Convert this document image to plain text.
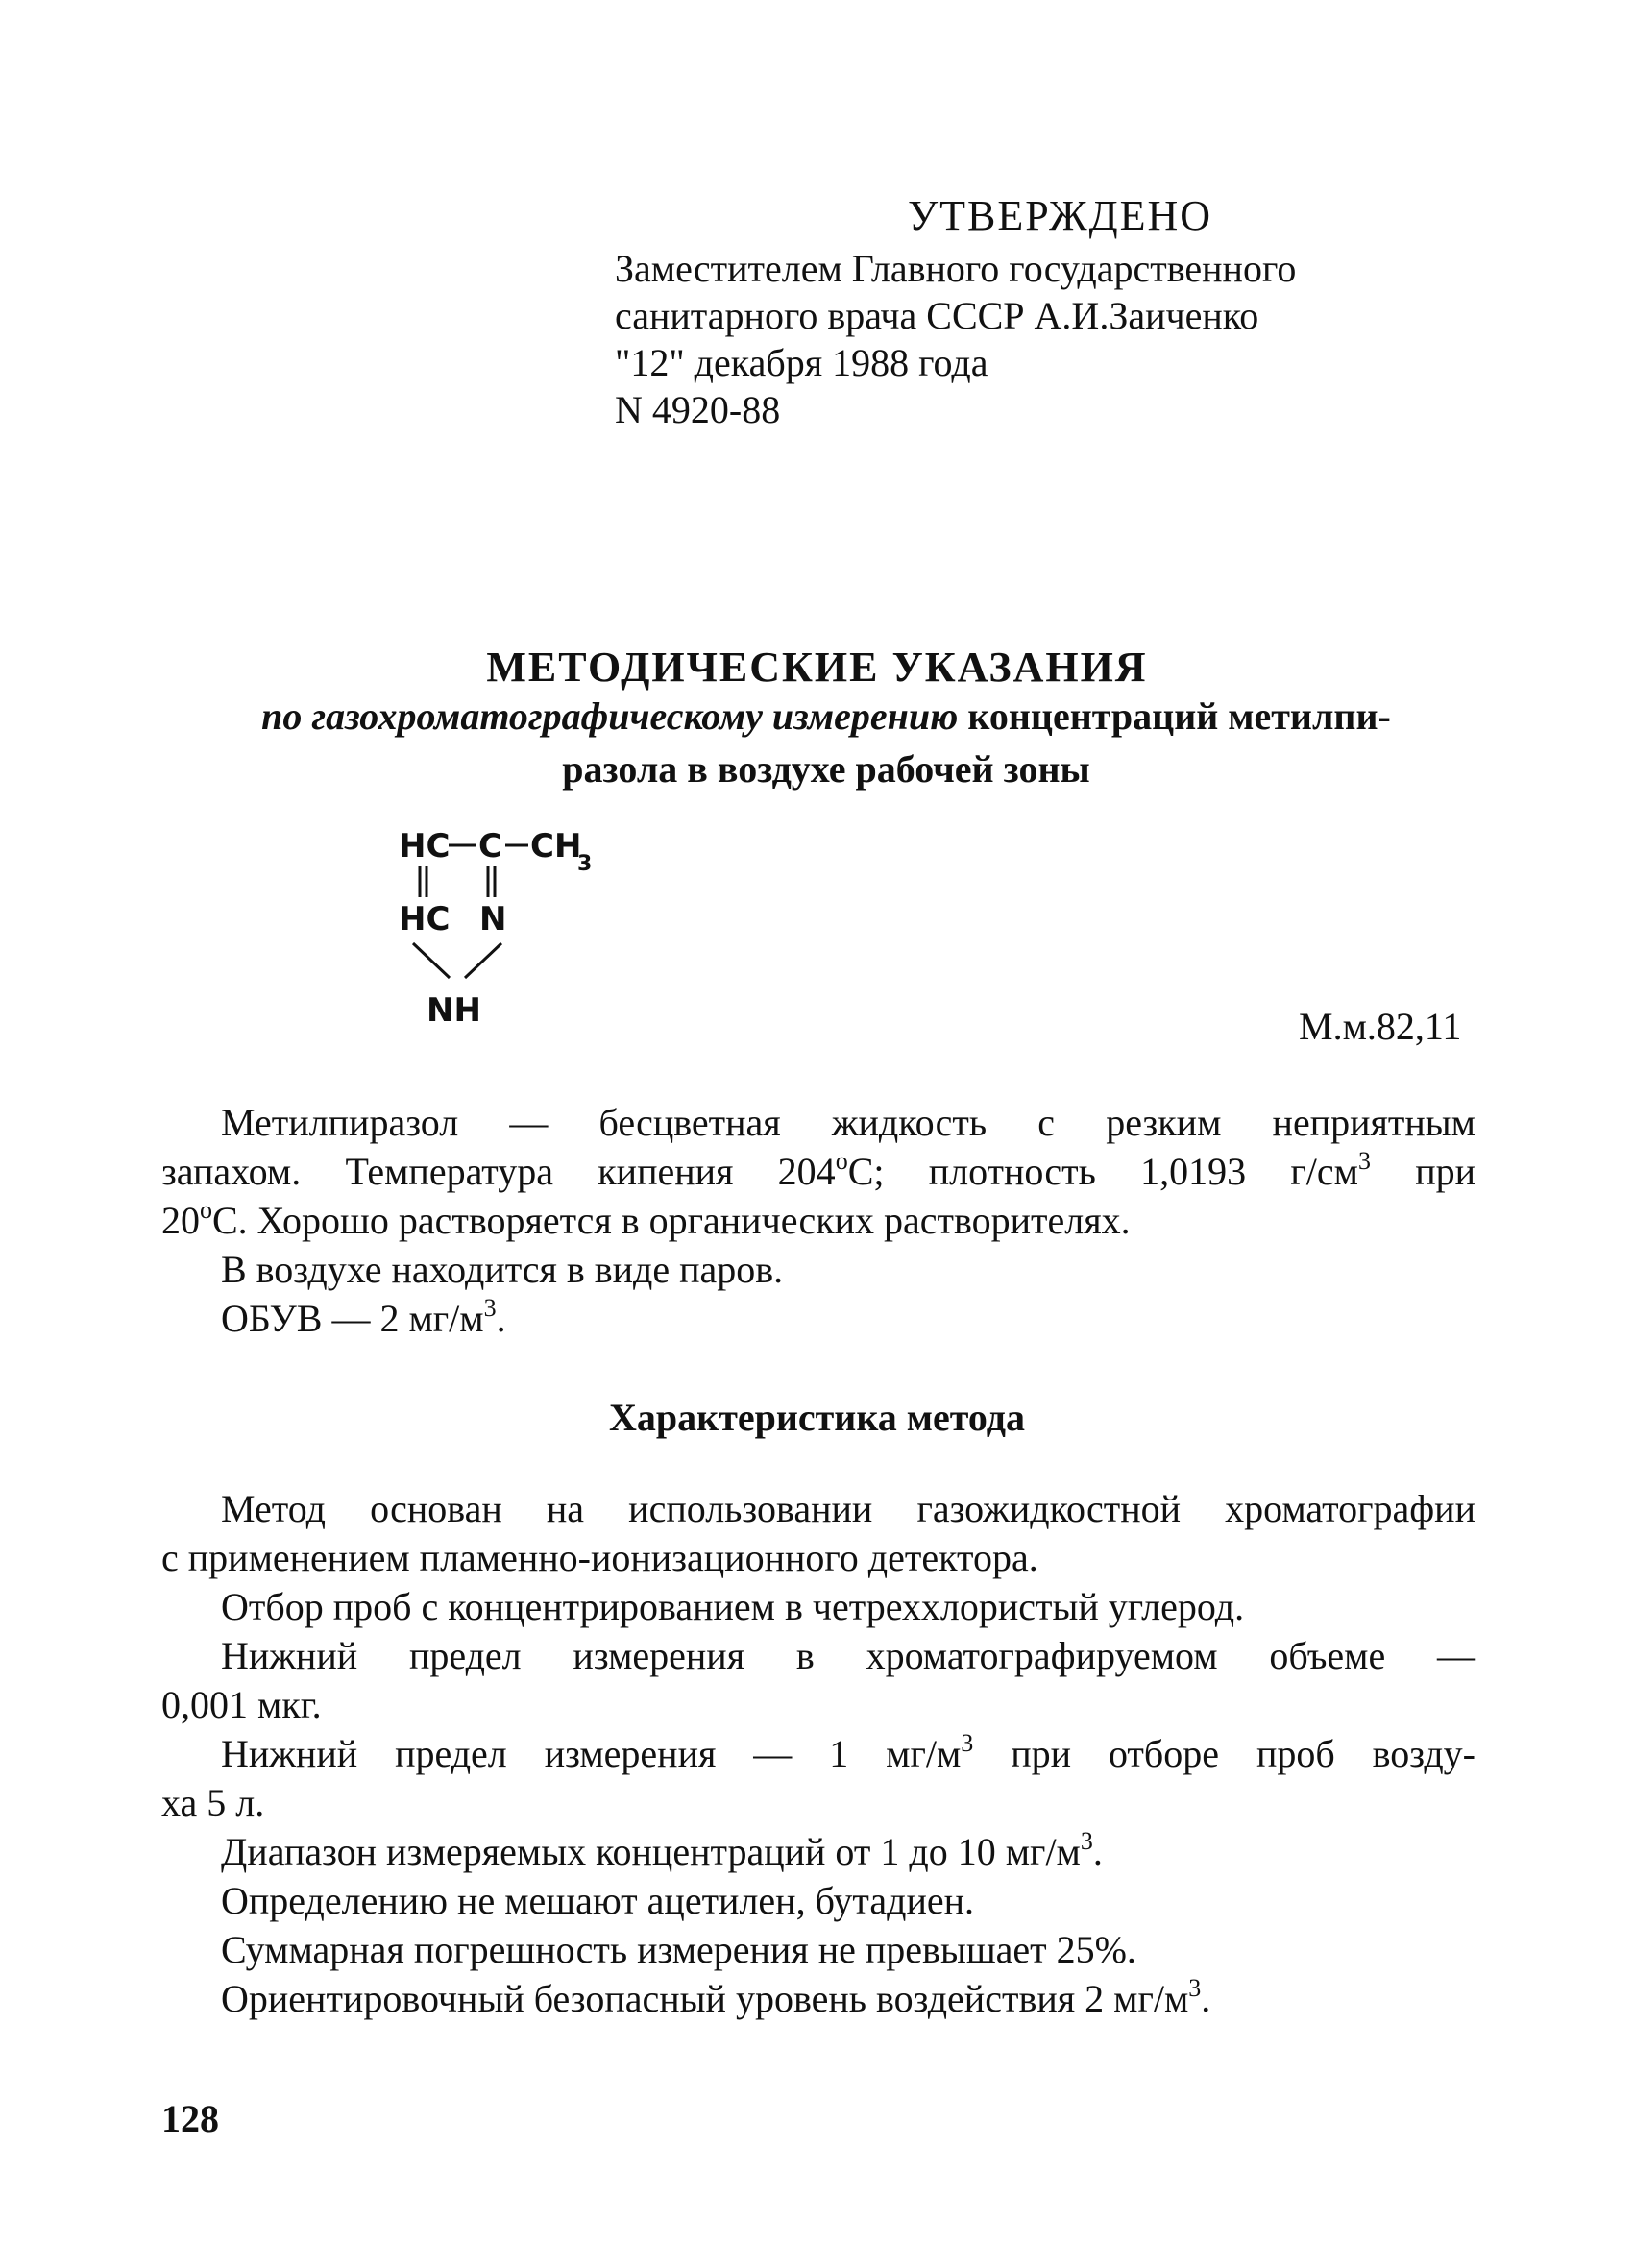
УТВЕРЖДЕНО
Заместителем Главного государственного
санитарного врача СССР А.И.Заиченко
"12" декабря 1988 года
N 4920-88
МЕТОДИЧЕСКИЕ УКАЗАНИЯ
по газохроматографическому измерению концентраций метилпи-
разола в воздухе рабочей зоны
HC C CH
3
HC N
NH	М.м.82,11
Метилпиразол — бесцветная жидкость с резким неприятным
запахом. Температура кипения $204^оС$; плотность 1,0193 $г/см^3$ при
$20^оС$. Хорошо растворяется в органических растворителях.
В воздухе находится в виде паров.
ОБУВ — 2 $мг/м^3$.
Характеристика метода
Метод основан на использовании газожидкостной хроматографии
с применением пламенно-ионизационного детектора.
Отбор проб с концентрированием в четреххлористый углерод.
Нижний предел измерения в хроматографируемом объеме —
0,001 мкг.
Нижний предел измерения — 1 $мг/м^3$ при отборе проб возду-
ха 5 л.
Диапазон измеряемых концентраций от 1 до 10 $мг/м^3$.
Определению не мешают ацетилен, бутадиен.
Суммарная погрешность измерения не превышает 25%.
Ориентировочный безопасный уровень воздействия 2 $мг/м^3$.
128
